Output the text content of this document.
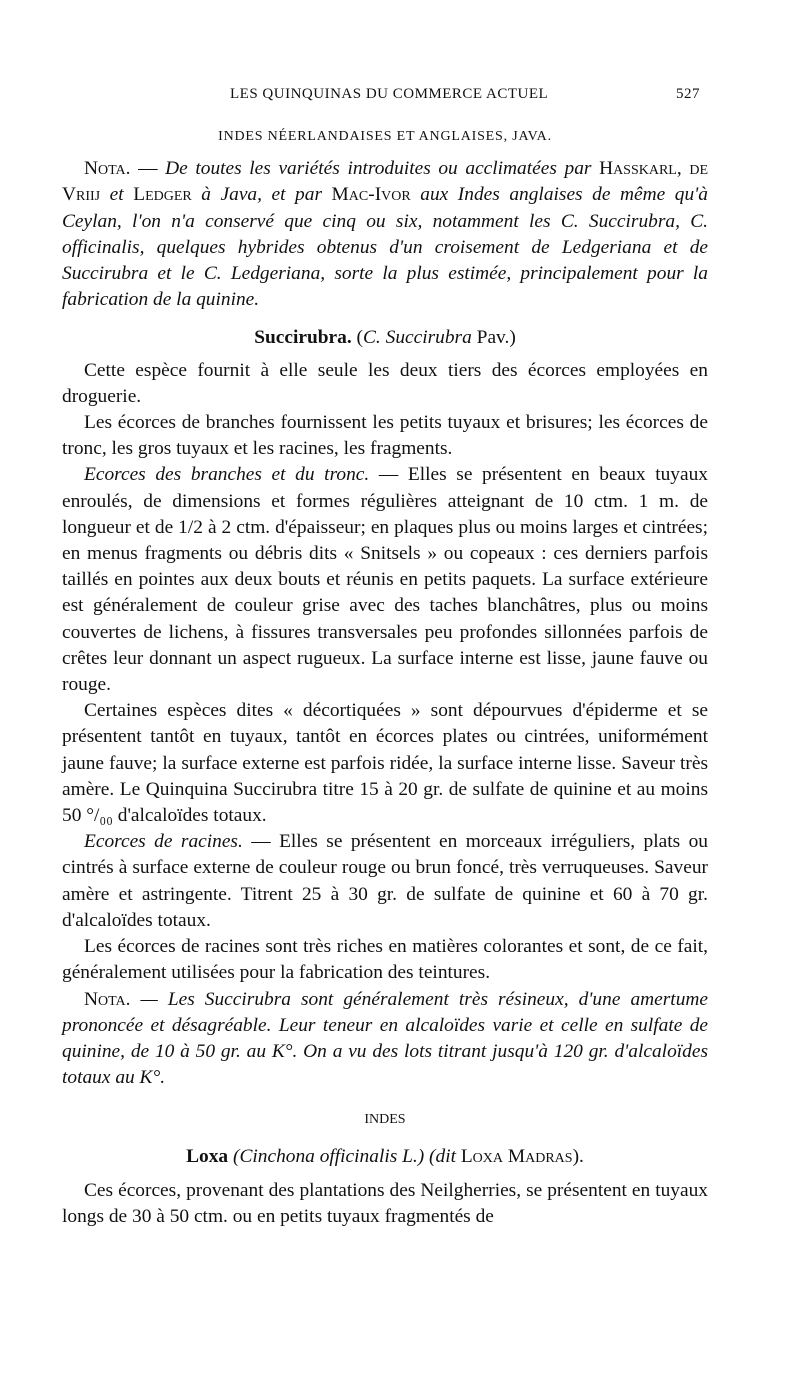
LES QUINQUINAS DU COMMERCE ACTUEL	527
INDES NÉERLANDAISES ET ANGLAISES, JAVA.

Nota. — De toutes les variétés introduites ou acclimatées par Hasskarl, de Vriij et Ledger à Java, et par Mac-Ivor aux Indes anglaises de même qu'à Ceylan, l'on n'a conservé que cinq ou six, notamment les C. Succirubra, C. officinalis, quelques hybrides obtenus d'un croisement de Ledgeriana et de Succirubra et le C. Ledgeriana, sorte la plus estimée, principalement pour la fabrication de la quinine.

Succirubra. (C. Succirubra Pav.)

Cette espèce fournit à elle seule les deux tiers des écorces employées en droguerie.

Les écorces de branches fournissent les petits tuyaux et brisures; les écorces de tronc, les gros tuyaux et les racines, les fragments.

Ecorces des branches et du tronc. — Elles se présentent en beaux tuyaux enroulés, de dimensions et formes régulières atteignant de 10 ctm. 1 m. de longueur et de 1/2 à 2 ctm. d'épaisseur; en plaques plus ou moins larges et cintrées; en menus fragments ou débris dits « Snitsels » ou copeaux : ces derniers parfois taillés en pointes aux deux bouts et réunis en petits paquets. La surface extérieure est généralement de couleur grise avec des taches blanchâtres, plus ou moins couvertes de lichens, à fissures transversales peu profondes sillonnées parfois de crêtes leur donnant un aspect rugueux. La surface interne est lisse, jaune fauve ou rouge.

Certaines espèces dites « décortiquées » sont dépourvues d'épiderme et se présentent tantôt en tuyaux, tantôt en écorces plates ou cintrées, uniformément jaune fauve; la surface externe est parfois ridée, la surface interne lisse. Saveur très amère. Le Quinquina Succirubra titre 15 à 20 gr. de sulfate de quinine et au moins 50 °/₀₀ d'alcaloïdes totaux.

Ecorces de racines. — Elles se présentent en morceaux irréguliers, plats ou cintrés à surface externe de couleur rouge ou brun foncé, très verruqueuses. Saveur amère et astringente. Titrent 25 à 30 gr. de sulfate de quinine et 60 à 70 gr. d'alcaloïdes totaux.

Les écorces de racines sont très riches en matières colorantes et sont, de ce fait, généralement utilisées pour la fabrication des teintures.

Nota. — Les Succirubra sont généralement très résineux, d'une amertume prononcée et désagréable. Leur teneur en alcaloïdes varie et celle en sulfate de quinine, de 10 à 50 gr. au K°. On a vu des lots titrant jusqu'à 120 gr. d'alcaloïdes totaux au K°.

INDES
Loxa (Cinchona officinalis L.) (dit Loxa Madras).

Ces écorces, provenant des plantations des Neilgherries, se présentent en tuyaux longs de 30 à 50 ctm. ou en petits tuyaux fragmentés de
